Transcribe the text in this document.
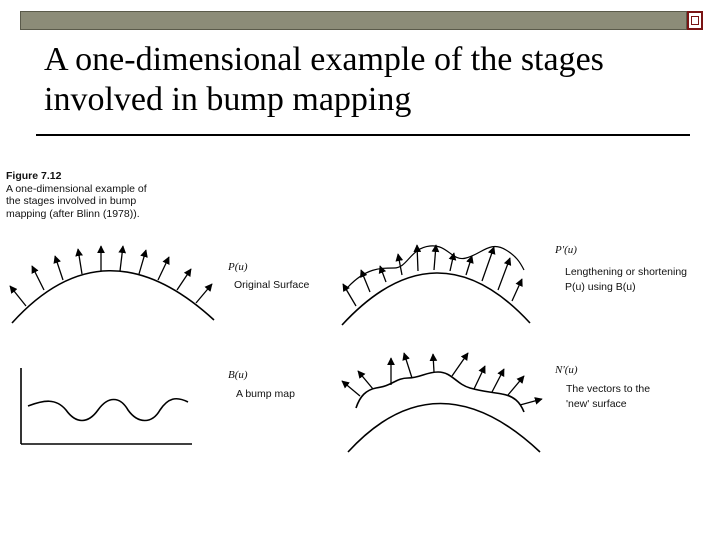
A one-dimensional example of the stages involved in bump mapping
Figure 7.12
A one-dimensional example of the stages involved in bump mapping (after Blinn (1978)).
P(u)
Original Surface
B(u)
A bump map
P'(u)
Lengthening or shortening
P(u) using B(u)
N'(u)
The vectors to the
'new' surface
